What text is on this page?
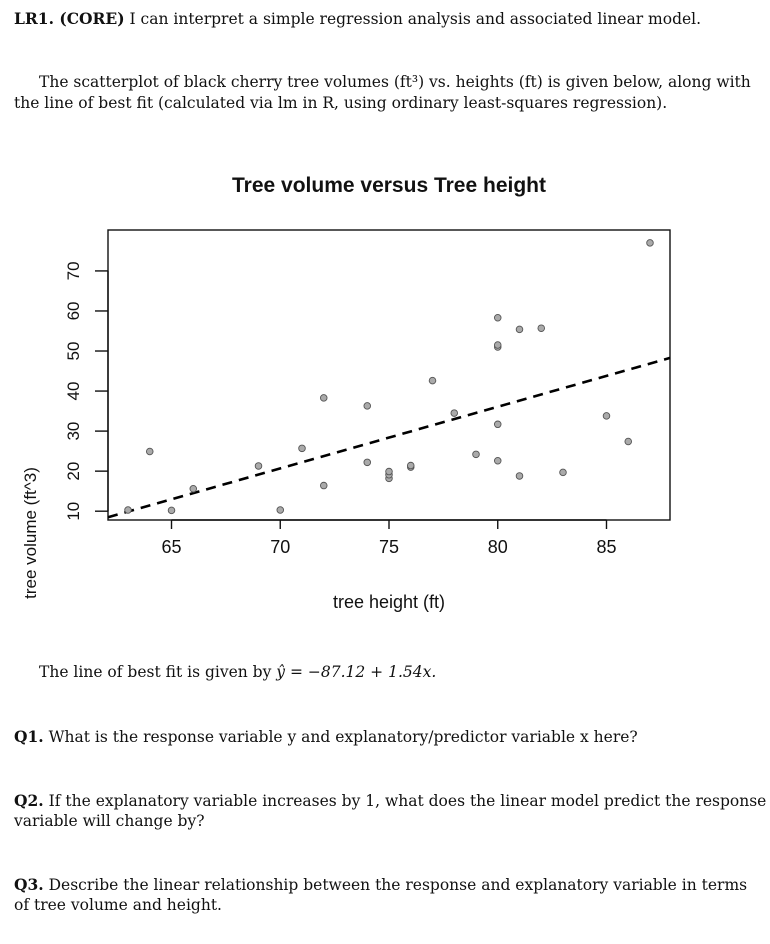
LR1. (CORE) I can interpret a simple regression analysis and associated linear model.
The scatterplot of black cherry tree volumes (ft³) vs. heights (ft) is given below, along with
the line of best fit (calculated via lm in R, using ordinary least-squares regression).
Tree volume versus Tree height
65	70	75	80	85
10
20
30
40
50
60
70
tree height (ft)
tree volume (ft^3)
The line of best fit is given by ŷ = −87.12 + 1.54x.
Q1. What is the response variable y and explanatory/predictor variable x here?
Q2. If the explanatory variable increases by 1, what does the linear model predict the response
variable will change by?
Q3. Describe the linear relationship between the response and explanatory variable in terms
of tree volume and height.
